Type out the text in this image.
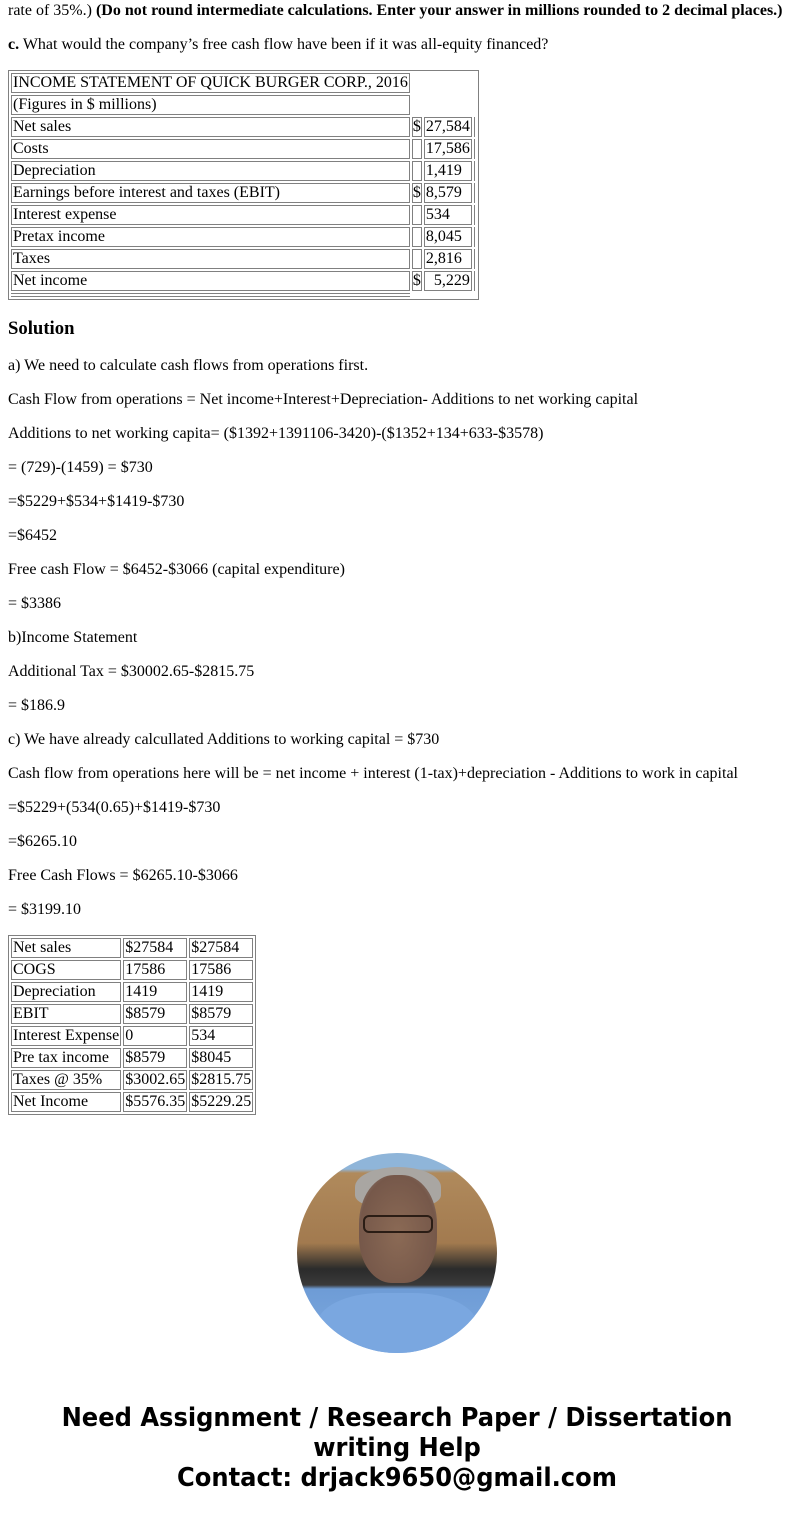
rate of 35%.) (Do not round intermediate calculations. Enter your answer in millions rounded to 2 decimal places.)
c. What would the company’s free cash flow have been if it was all-equity financed?
INCOME STATEMENT OF QUICK BURGER CORP., 2016			
(Figures in $ millions)			
Net sales	$	27,584	
Costs		17,586	
Depreciation		1,419	
Earnings before interest and taxes (EBIT)	$	8,579	
Interest expense		534	
Pretax income		8,045	
Taxes		2,816	
Net income	$	5,229	

Solution
a) We need to calculate cash flows from operations first.
Cash Flow from operations = Net income+Interest+Depreciation- Additions to net working capital
Additions to net working capita= ($1392+1391106-3420)-($1352+134+633-$3578)
= (729)-(1459) = $730
=$5229+$534+$1419-$730
=$6452
Free cash Flow = $6452-$3066 (capital expenditure)
= $3386
b)Income Statement
Additional Tax = $30002.65-$2815.75
= $186.9
c) We have already calcullated Additions to working capital = $730
Cash flow from operations here will be = net income + interest (1-tax)+depreciation - Additions to work in capital
=$5229+(534(0.65)+$1419-$730
=$6265.10
Free Cash Flows = $6265.10-$3066
= $3199.10
Net sales	$27584	$27584
COGS	17586	17586
Depreciation	1419	1419
EBIT	$8579	$8579
Interest Expense	0	534
Pre tax income	$8579	$8045
Taxes @ 35%	$3002.65	$2815.75
Net Income	$5576.35	$5229.25
Need Assignment / Research Paper / Dissertation
writing Help
Contact: drjack9650@gmail.com
